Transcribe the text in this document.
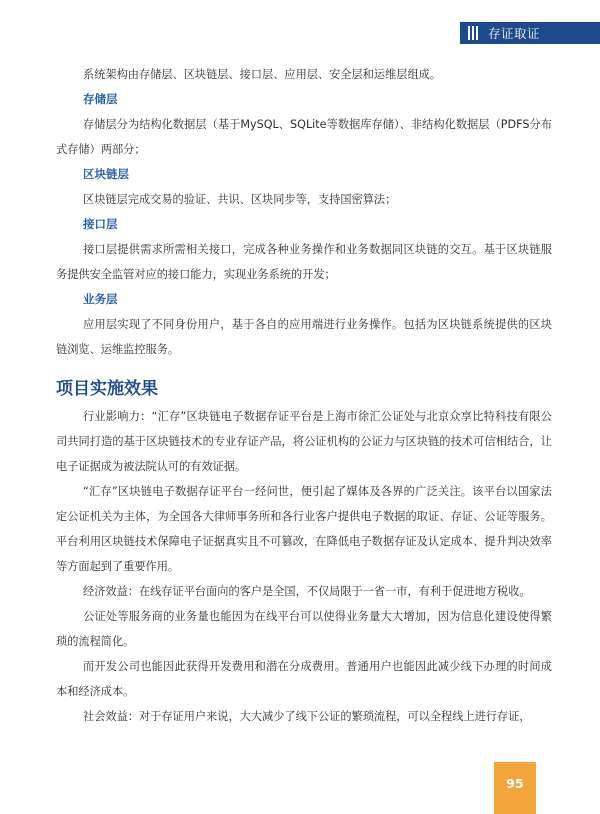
存证取证

系统架构由存储层、区块链层、接口层、应用层、安全层和运维层组成。

存储层

存储层分为结构化数据层（基于MySQL、SQLite等数据库存储）、非结构化数据层（PDFS分布式存储）两部分；

区块链层

区块链层完成交易的验证、共识、区块同步等，支持国密算法；

接口层

接口层提供需求所需相关接口，完成各种业务操作和业务数据同区块链的交互。基于区块链服务提供安全监管对应的接口能力，实现业务系统的开发；

业务层

应用层实现了不同身份用户，基于各自的应用端进行业务操作。包括为区块链系统提供的区块链浏览、运维监控服务。

项目实施效果

行业影响力：“汇存”区块链电子数据存证平台是上海市徐汇公证处与北京众享比特科技有限公司共同打造的基于区块链技术的专业存证产品，将公证机构的公证力与区块链的技术可信相结合，让电子证据成为被法院认可的有效证据。

“汇存”区块链电子数据存证平台一经问世，便引起了媒体及各界的广泛关注。该平台以国家法定公证机关为主体，为全国各大律师事务所和各行业客户提供电子数据的取证、存证、公证等服务。平台利用区块链技术保障电子证据真实且不可篡改，在降低电子数据存证及认定成本、提升判决效率等方面起到了重要作用。

经济效益：在线存证平台面向的客户是全国，不仅局限于一省一市，有利于促进地方税收。

公证处等服务商的业务量也能因为在线平台可以使得业务量大大增加，因为信息化建设使得繁琐的流程简化。

而开发公司也能因此获得开发费用和潜在分成费用。普通用户也能因此减少线下办理的时间成本和经济成本。

社会效益：对于存证用户来说，大大减少了线下公证的繁琐流程，可以全程线上进行存证，

95
